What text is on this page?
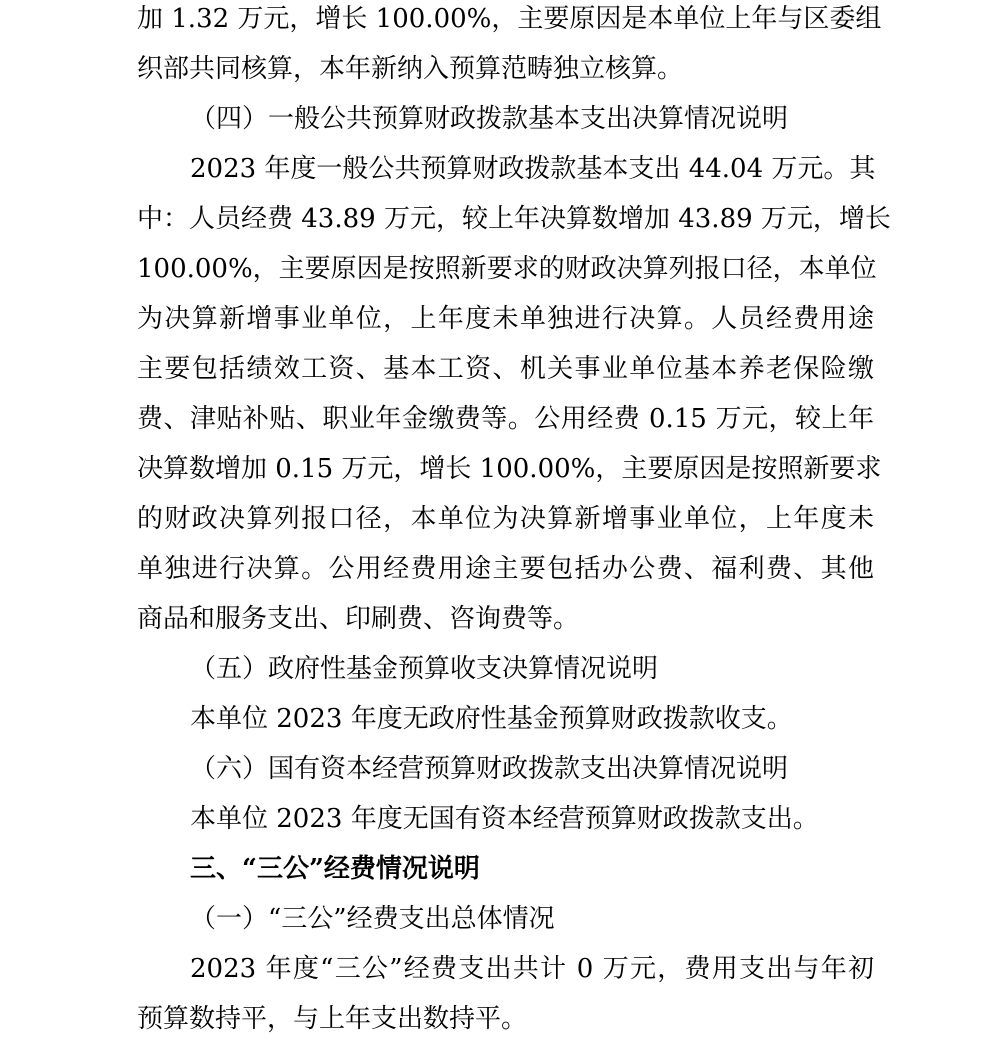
加 1.32 万元，增长 100.00%，主要原因是本单位上年与区委组
织部共同核算，本年新纳入预算范畴独立核算。
（四）一般公共预算财政拨款基本支出决算情况说明
2023 年度一般公共预算财政拨款基本支出 44.04 万元。其
中：人员经费 43.89 万元，较上年决算数增加 43.89 万元，增长
100.00%，主要原因是按照新要求的财政决算列报口径，本单位
为决算新增事业单位，上年度未单独进行决算。人员经费用途
主要包括绩效工资、基本工资、机关事业单位基本养老保险缴
费、津贴补贴、职业年金缴费等。公用经费 0.15 万元，较上年
决算数增加 0.15 万元，增长 100.00%，主要原因是按照新要求
的财政决算列报口径，本单位为决算新增事业单位，上年度未
单独进行决算。公用经费用途主要包括办公费、福利费、其他
商品和服务支出、印刷费、咨询费等。
（五）政府性基金预算收支决算情况说明
本单位 2023 年度无政府性基金预算财政拨款收支。
（六）国有资本经营预算财政拨款支出决算情况说明
本单位 2023 年度无国有资本经营预算财政拨款支出。
三、“三公”经费情况说明
（一）“三公”经费支出总体情况
2023 年度“三公”经费支出共计 0 万元，费用支出与年初
预算数持平，与上年支出数持平。
